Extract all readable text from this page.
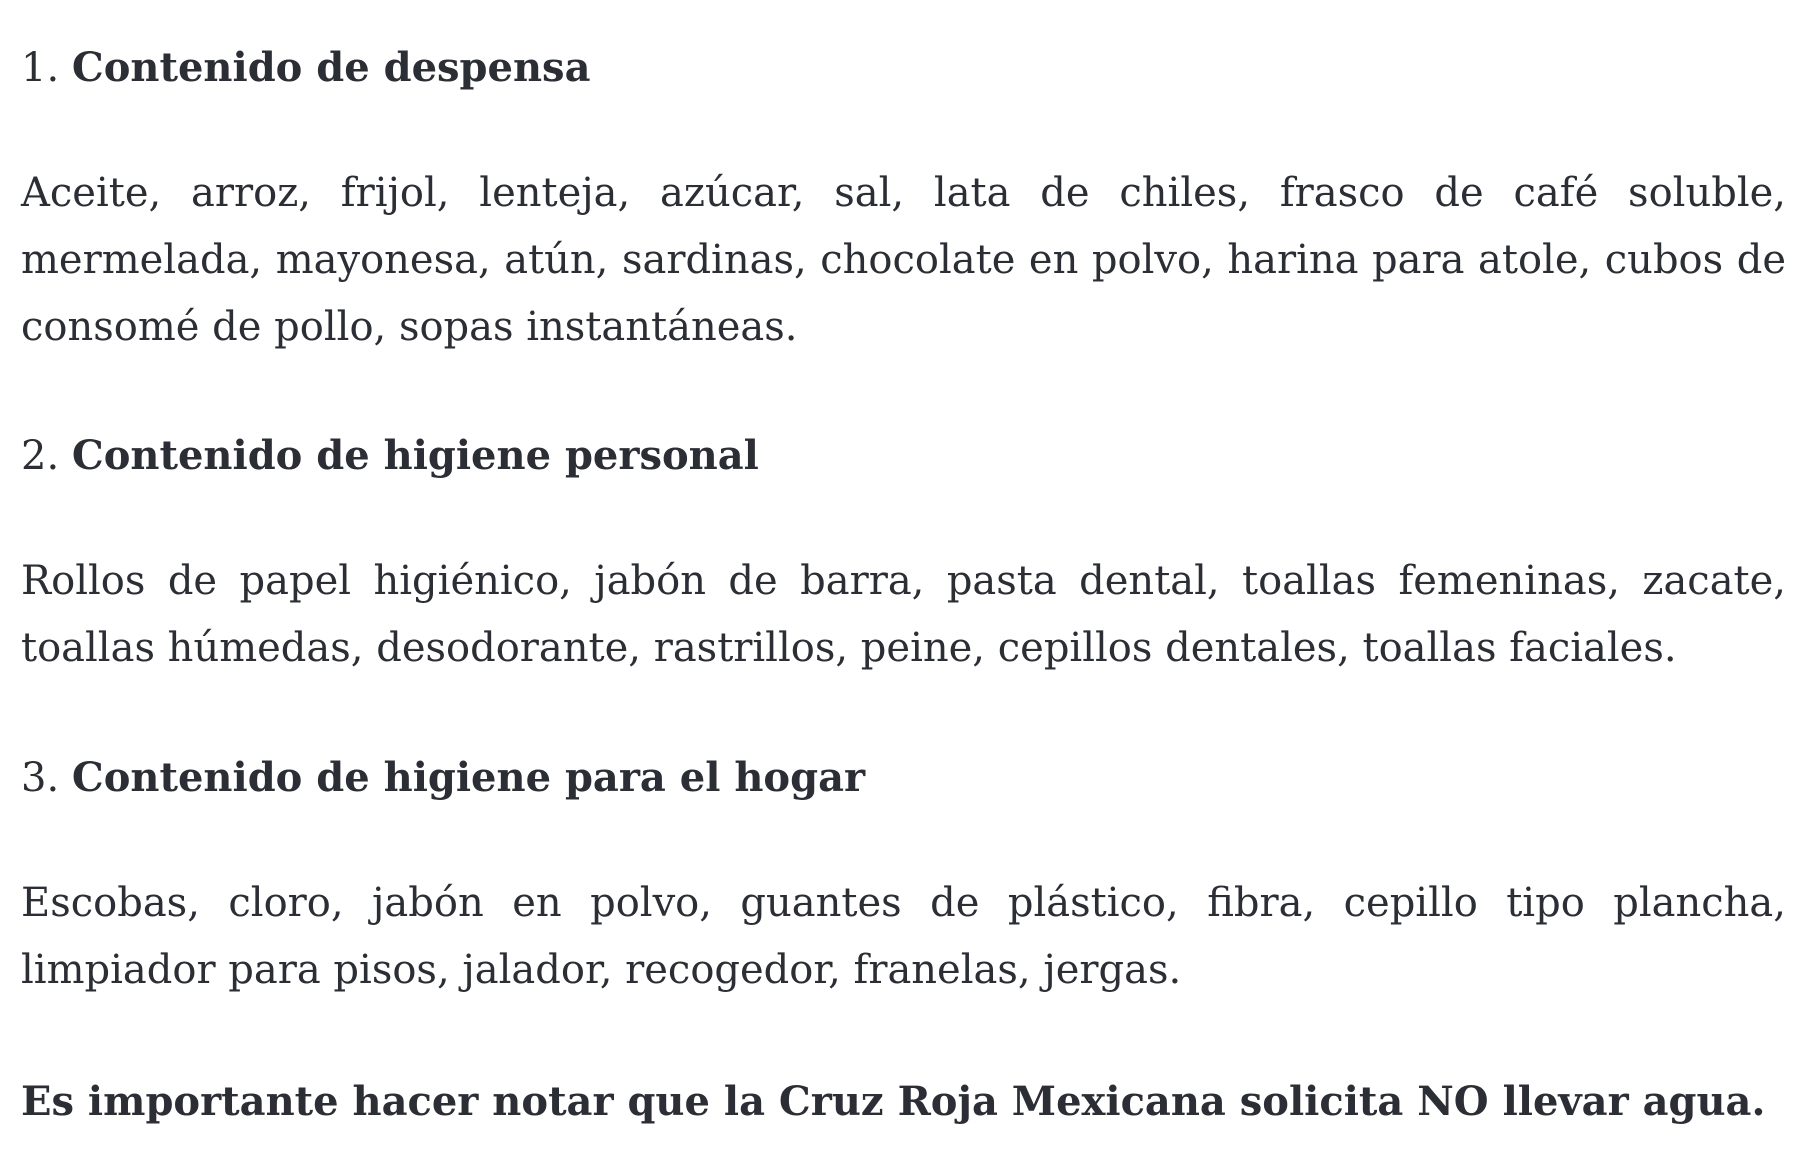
1. Contenido de despensa

Aceite, arroz, frijol, lenteja, azúcar, sal, lata de chiles, frasco de café soluble, mermelada, mayonesa, atún, sardinas, chocolate en polvo, harina para atole, cubos de consomé de pollo, sopas instantáneas.

2. Contenido de higiene personal

Rollos de papel higiénico, jabón de barra, pasta dental, toallas femeninas, zacate, toallas húmedas, desodorante, rastrillos, peine, cepillos dentales, toallas faciales.

3. Contenido de higiene para el hogar

Escobas, cloro, jabón en polvo, guantes de plástico, fibra, cepillo tipo plancha, limpiador para pisos, jalador, recogedor, franelas, jergas.

Es importante hacer notar que la Cruz Roja Mexicana solicita NO llevar agua.
